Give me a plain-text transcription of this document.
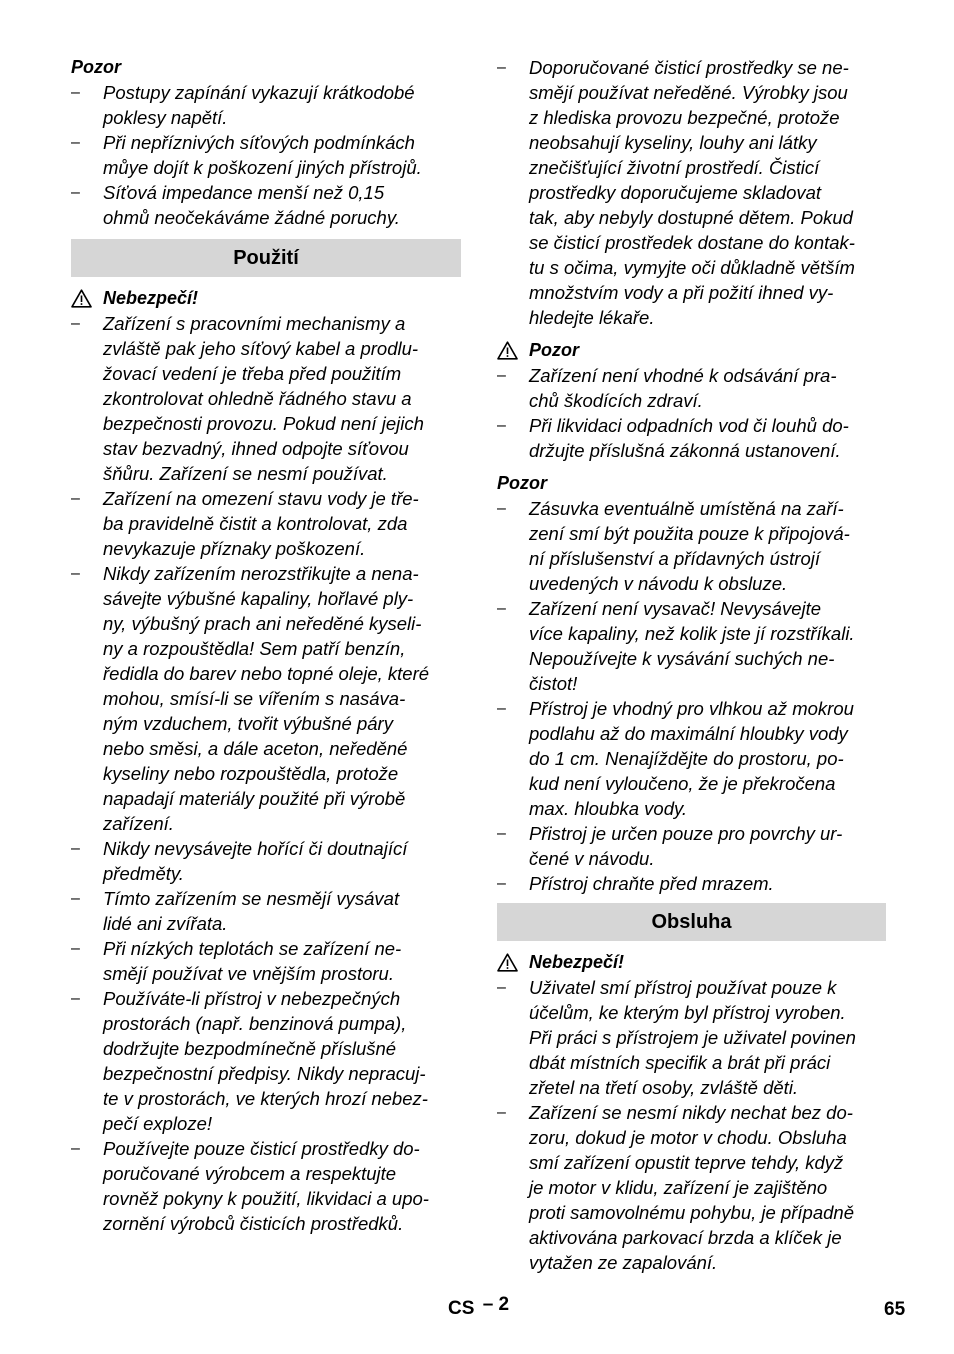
Pozor
– Postupy zapínání vykazují krátkodobé
poklesy napětí.
– Při nepříznivých síťových podmínkách
můye dojít k poškození jiných přístrojů.
– Síťová impedance menší než 0,15
ohmů neočekáváme žádné poruchy.
Použití
Nebezpečí!
– Zařízení s pracovními mechanismy a
zvláště pak jeho síťový kabel a prodlu-
žovací vedení je třeba před použitím
zkontrolovat ohledně řádného stavu a
bezpečnosti provozu. Pokud není jejich
stav bezvadný, ihned odpojte síťovou
šňůru. Zařízení se nesmí používat.
– Zařízení na omezení stavu vody je tře-
ba pravidelně čistit a kontrolovat, zda
nevykazuje příznaky poškození.
– Nikdy zařízením nerozstřikujte a nena-
sávejte výbušné kapaliny, hořlavé ply-
ny, výbušný prach ani neředěné kyseli-
ny a rozpouštědla! Sem patří benzín,
ředidla do barev nebo topné oleje, které
mohou, smísí-li se vířením s nasáva-
ným vzduchem, tvořit výbušné páry
nebo směsi, a dále aceton, neředěné
kyseliny nebo rozpouštědla, protože
napadají materiály použité při výrobě
zařízení.
– Nikdy nevysávejte hořící či doutnající
předměty.
– Tímto zařízením se nesmějí vysávat
lidé ani zvířata.
– Při nízkých teplotách se zařízení ne-
smějí používat ve vnějším prostoru.
– Používáte-li přístroj v nebezpečných
prostorách (např. benzinová pumpa),
dodržujte bezpodmínečně příslušné
bezpečnostní předpisy. Nikdy nepracuj-
te v prostorách, ve kterých hrozí nebez-
pečí exploze!
– Používejte pouze čisticí prostředky do-
poručované výrobcem a respektujte
rovněž pokyny k použití, likvidaci a upo-
zornění výrobců čisticích prostředků.
– Doporučované čisticí prostředky se ne-
smějí používat neředěné. Výrobky jsou
z hlediska provozu bezpečné, protože
neobsahují kyseliny, louhy ani látky
znečišťující životní prostředí. Čisticí
prostředky doporučujeme skladovat
tak, aby nebyly dostupné dětem. Pokud
se čisticí prostředek dostane do kontak-
tu s očima, vymyjte oči důkladně větším
množstvím vody a při požití ihned vy-
hledejte lékaře.
Pozor
– Zařízení není vhodné k odsávání pra-
chů škodících zdraví.
– Při likvidaci odpadních vod či louhů do-
držujte příslušná zákonná ustanovení.
Pozor
– Zásuvka eventuálně umístěná na zaří-
zení smí být použita pouze k připojová-
ní příslušenství a přídavných ústrojí
uvedených v návodu k obsluze.
– Zařízení není vysavač! Nevysávejte
více kapaliny, než kolik jste jí rozstříkali.
Nepoužívejte k vysávání suchých ne-
čistot!
– Přístroj je vhodný pro vlhkou až mokrou
podlahu až do maximální hloubky vody
do 1 cm. Nenajíždějte do prostoru, po-
kud není vyloučeno, že je překročena
max. hloubka vody.
– Přistroj je určen pouze pro povrchy ur-
čené v návodu.
– Přístroj chraňte před mrazem.
Obsluha
Nebezpečí!
– Uživatel smí přístroj používat pouze k
účelům, ke kterým byl přístroj vyroben.
Při práci s přístrojem je uživatel povinen
dbát místních specifik a brát při práci
zřetel na třetí osoby, zvláště děti.
– Zařízení se nesmí nikdy nechat bez do-
zoru, dokud je motor v chodu. Obsluha
smí zařízení opustit teprve tehdy, když
je motor v klidu, zařízení je zajištěno
proti samovolnému pohybu, je případně
aktivována parkovací brzda a klíček je
vytažen ze zapalování.
CS – 2	65
